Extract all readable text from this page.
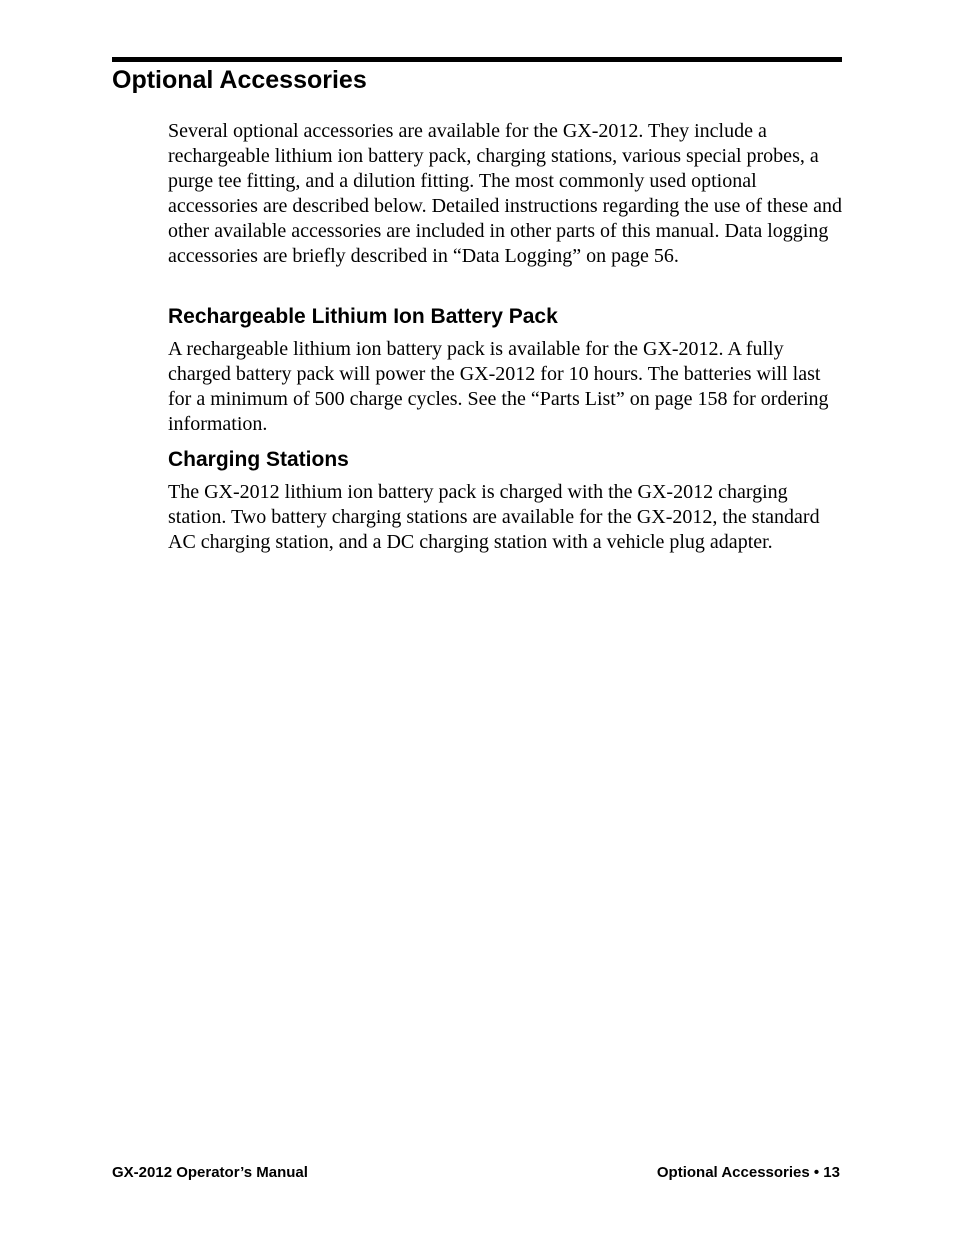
Optional Accessories

Several optional accessories are available for the GX-2012. They include a rechargeable lithium ion battery pack, charging stations, various special probes, a purge tee fitting, and a dilution fitting. The most commonly used optional accessories are described below. Detailed instructions regarding the use of these and other available accessories are included in other parts of this manual. Data logging accessories are briefly described in “Data Logging” on page 56.

Rechargeable Lithium Ion Battery Pack

A rechargeable lithium ion battery pack is available for the GX-2012. A fully charged battery pack will power the GX-2012 for 10 hours. The batteries will last for a minimum of 500 charge cycles. See the “Parts List” on page 158 for ordering information.

Charging Stations

The GX-2012 lithium ion battery pack is charged with the GX-2012 charging station. Two battery charging stations are available for the GX-2012, the standard AC charging station, and a DC charging station with a vehicle plug adapter.

GX-2012 Operator’s Manual	Optional Accessories • 13
